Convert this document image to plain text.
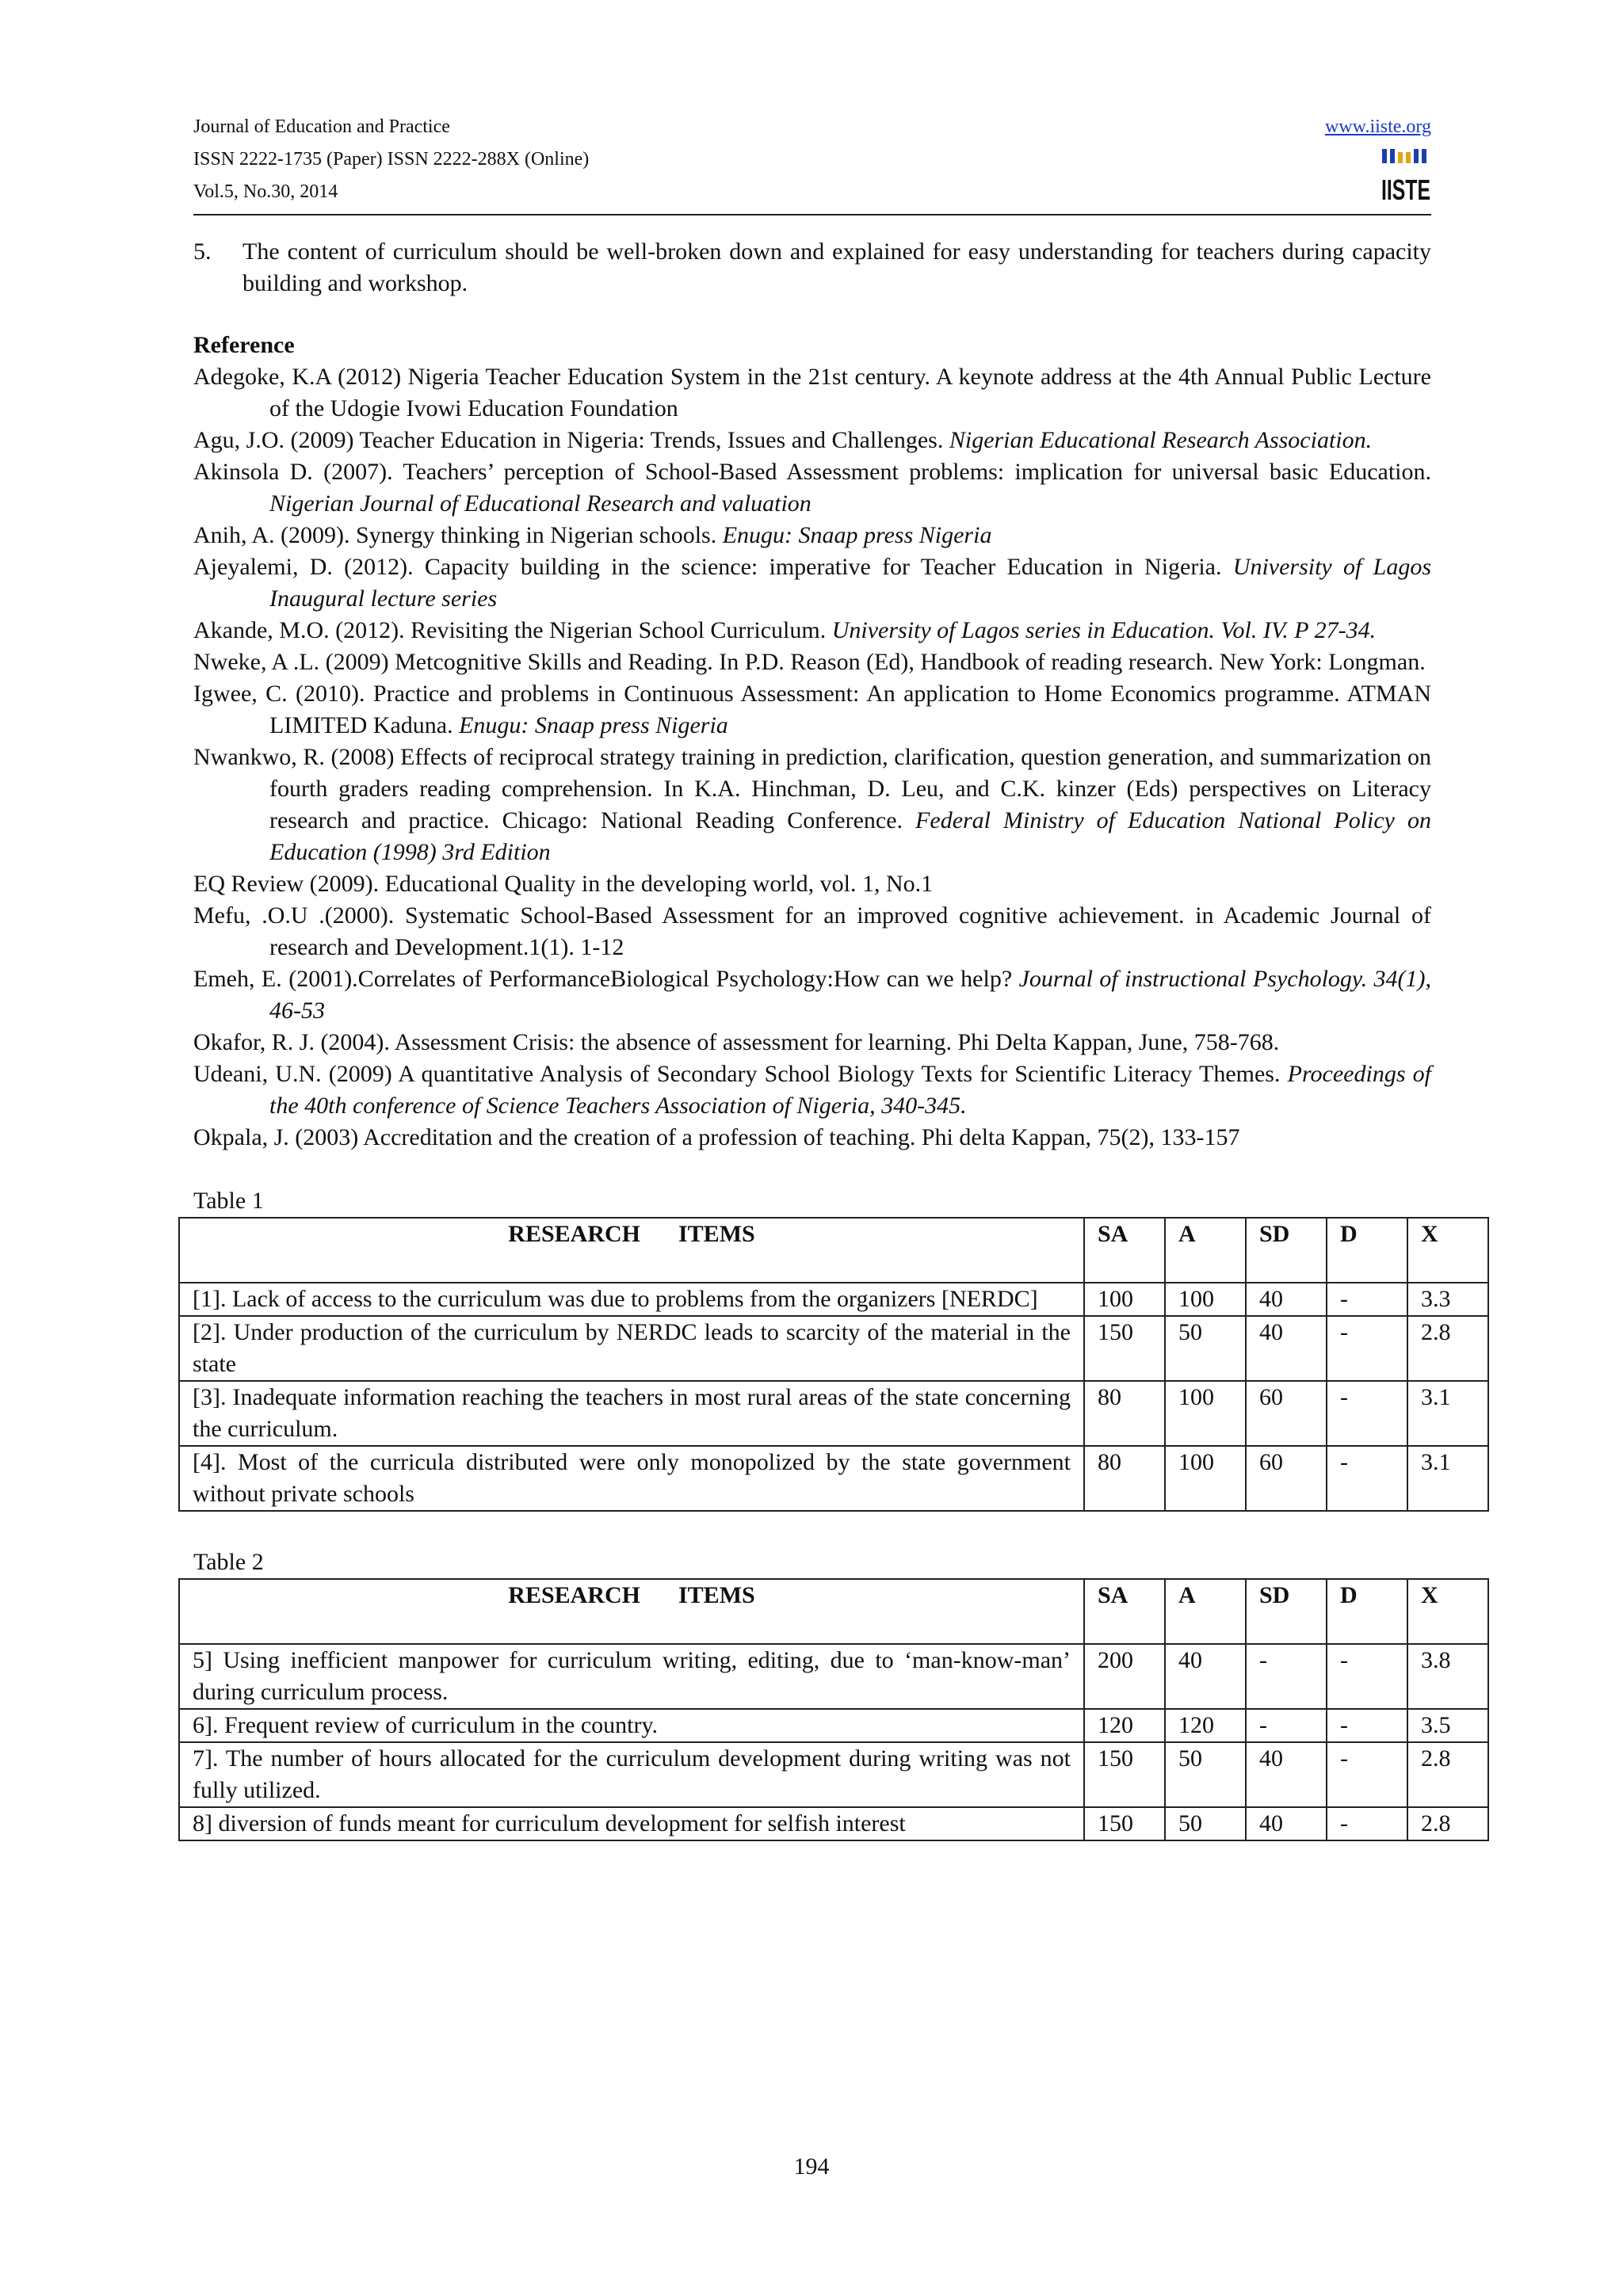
Journal of Education and Practice

ISSN 2222-1735 (Paper) ISSN 2222-288X (Online)

Vol.5, No.30, 2014

www.iiste.org
IISTE
5.	The content of curriculum should be well-broken down and explained for easy understanding for teachers during capacity building and workshop.
Reference

Adegoke, K.A (2012) Nigeria Teacher Education System in the 21st century. A keynote address at the 4th Annual Public Lecture of the Udogie Ivowi Education Foundation

Agu, J.O. (2009) Teacher Education in Nigeria: Trends, Issues and Challenges. Nigerian Educational Research Association.

Akinsola D. (2007). Teachers’ perception of School-Based Assessment problems: implication for universal basic Education. Nigerian Journal of Educational Research and valuation

Anih, A. (2009). Synergy thinking in Nigerian schools. Enugu: Snaap press Nigeria

Ajeyalemi, D. (2012). Capacity building in the science: imperative for Teacher Education in Nigeria. University of Lagos Inaugural lecture series

Akande, M.O. (2012). Revisiting the Nigerian School Curriculum. University of Lagos series in Education. Vol. IV. P 27-34.

Nweke, A .L. (2009) Metcognitive Skills and Reading. In P.D. Reason (Ed), Handbook of reading research. New York: Longman.

Igwee, C. (2010). Practice and problems in Continuous Assessment: An application to Home Economics programme. ATMAN LIMITED Kaduna. Enugu: Snaap press Nigeria

Nwankwo, R. (2008) Effects of reciprocal strategy training in prediction, clarification, question generation, and summarization on fourth graders reading comprehension. In K.A. Hinchman, D. Leu, and C.K. kinzer (Eds) perspectives on Literacy research and practice. Chicago: National Reading Conference. Federal Ministry of Education National Policy on Education (1998) 3rd Edition

EQ Review (2009). Educational Quality in the developing world, vol. 1, No.1

Mefu, .O.U .(2000). Systematic School-Based Assessment for an improved cognitive achievement. in Academic Journal of research and Development.1(1). 1-12

Emeh, E. (2001).Correlates of PerformanceBiological Psychology:How can we help? Journal of instructional Psychology. 34(1), 46-53

Okafor, R. J. (2004). Assessment Crisis: the absence of assessment for learning. Phi Delta Kappan, June, 758-768.

Udeani, U.N. (2009) A quantitative Analysis of Secondary School Biology Texts for Scientific Literacy Themes. Proceedings of the 40th conference of Science Teachers Association of Nigeria, 340-345.

Okpala, J. (2003) Accreditation and the creation of a profession of teaching. Phi delta Kappan, 75(2), 133-157

Table 1
RESEARCH ITEMS	SA	A	SD	D	X
[1]. Lack of access to the curriculum was due to problems from the organizers [NERDC]	100	100	40	-	3.3
[2]. Under production of the curriculum by NERDC leads to scarcity of the material in the state	150	50	40	-	2.8
[3]. Inadequate information reaching the teachers in most rural areas of the state concerning the curriculum.	80	100	60	-	3.1
[4]. Most of the curricula distributed were only monopolized by the state government without private schools	80	100	60	-	3.1
Table 2
RESEARCH ITEMS	SA	A	SD	D	X
5] Using inefficient manpower for curriculum writing, editing, due to ‘man-know-man’ during curriculum process.	200	40	-	-	3.8
6]. Frequent review of curriculum in the country.	120	120	-	-	3.5
7]. The number of hours allocated for the curriculum development during writing was not fully utilized.	150	50	40	-	2.8
8] diversion of funds meant for curriculum development for selfish interest	150	50	40	-	2.8
194
